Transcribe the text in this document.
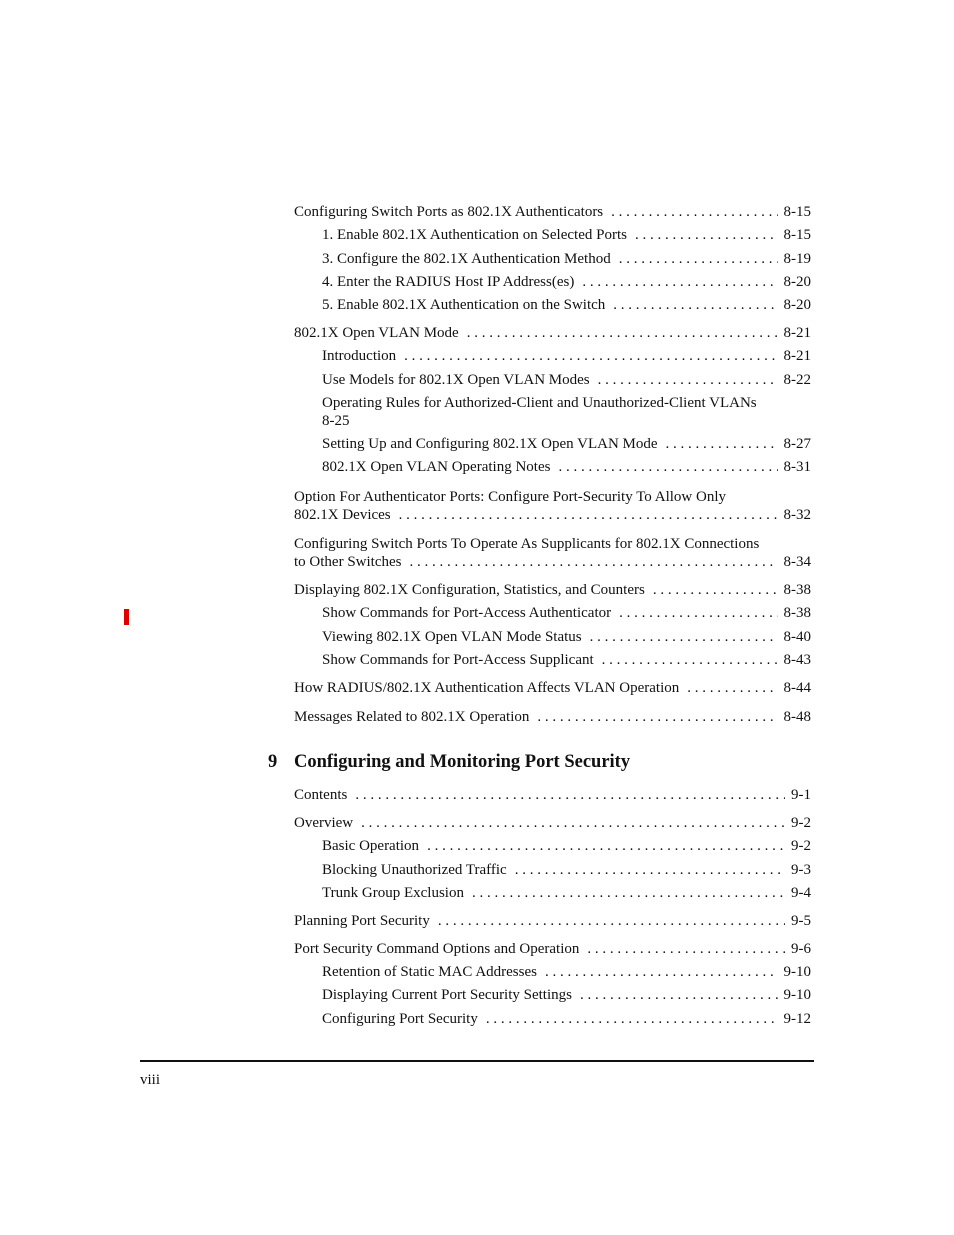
Configuring Switch Ports as 802.1X Authenticators . . .	8-15
1. Enable 802.1X Authentication on Selected Ports . . .	8-15
3. Configure the 802.1X Authentication Method . . .	8-19
4. Enter the RADIUS Host IP Address(es) . . .	8-20
5. Enable 802.1X Authentication on the Switch . . .	8-20
802.1X Open VLAN Mode . . .	8-21
Introduction . . .	8-21
Use Models for 802.1X Open VLAN Modes . . .	8-22
Operating Rules for Authorized-Client and Unauthorized-Client VLANs
8-25
Setting Up and Configuring 802.1X Open VLAN Mode . . .	8-27
802.1X Open VLAN Operating Notes . . .	8-31
Option For Authenticator Ports: Configure Port-Security To Allow Only
802.1X Devices . . .	8-32
Configuring Switch Ports To Operate As Supplicants for 802.1X Connections
to Other Switches . . .	8-34
Displaying 802.1X Configuration, Statistics, and Counters . . .	8-38
Show Commands for Port-Access Authenticator . . .	8-38
Viewing 802.1X Open VLAN Mode Status . . .	8-40
Show Commands for Port-Access Supplicant . . .	8-43
How RADIUS/802.1X Authentication Affects VLAN Operation . . .	8-44
Messages Related to 802.1X Operation . . .	8-48
9 Configuring and Monitoring Port Security
Contents . . .	9-1
Overview . . .	9-2
Basic Operation . . .	9-2
Blocking Unauthorized Traffic . . .	9-3
Trunk Group Exclusion . . .	9-4
Planning Port Security . . .	9-5
Port Security Command Options and Operation . . .	9-6
Retention of Static MAC Addresses . . .	9-10
Displaying Current Port Security Settings . . .	9-10
Configuring Port Security . . .	9-12
viii
